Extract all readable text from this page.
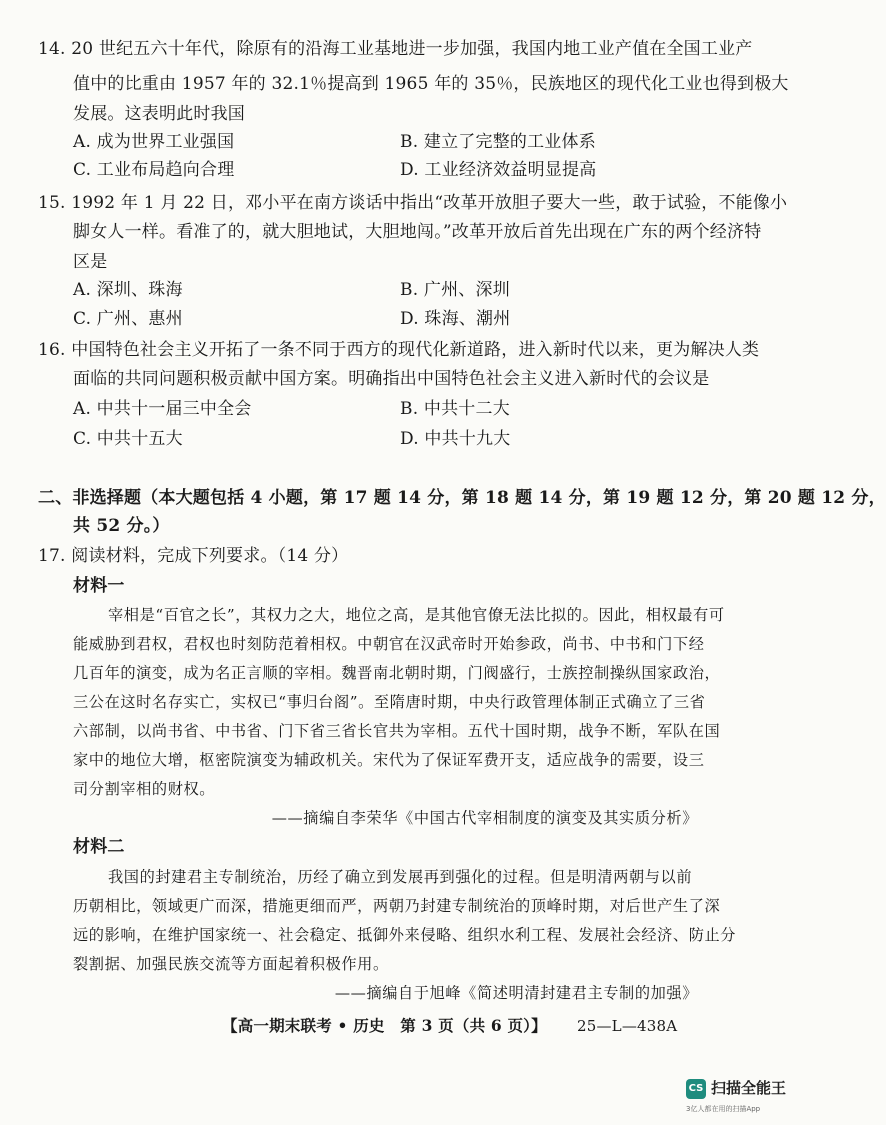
14. 20 世纪五六十年代，除原有的沿海工业基地进一步加强，我国内地工业产值在全国工业产
值中的比重由 1957 年的 32.1％提高到 1965 年的 35％，民族地区的现代化工业也得到极大
发展。这表明此时我国
A. 成为世界工业强国	B. 建立了完整的工业体系
C. 工业布局趋向合理	D. 工业经济效益明显提高
15. 1992 年 1 月 22 日，邓小平在南方谈话中指出“改革开放胆子要大一些，敢于试验，不能像小
脚女人一样。看准了的，就大胆地试，大胆地闯。”改革开放后首先出现在广东的两个经济特
区是
A. 深圳、珠海	B. 广州、深圳
C. 广州、惠州	D. 珠海、潮州
16. 中国特色社会主义开拓了一条不同于西方的现代化新道路，进入新时代以来，更为解决人类
面临的共同问题积极贡献中国方案。明确指出中国特色社会主义进入新时代的会议是
A. 中共十一届三中全会	B. 中共十二大
C. 中共十五大	D. 中共十九大
二、非选择题（本大题包括 4 小题，第 17 题 14 分，第 18 题 14 分，第 19 题 12 分，第 20 题 12 分，
共 52 分。）
17. 阅读材料，完成下列要求。（14 分）
材料一
宰相是“百官之长”，其权力之大，地位之高，是其他官僚无法比拟的。因此，相权最有可
能威胁到君权，君权也时刻防范着相权。中朝官在汉武帝时开始参政，尚书、中书和门下经
几百年的演变，成为名正言顺的宰相。魏晋南北朝时期，门阀盛行，士族控制操纵国家政治，
三公在这时名存实亡，实权已“事归台阁”。至隋唐时期，中央行政管理体制正式确立了三省
六部制，以尚书省、中书省、门下省三省长官共为宰相。五代十国时期，战争不断，军队在国
家中的地位大增，枢密院演变为辅政机关。宋代为了保证军费开支，适应战争的需要，设三
司分割宰相的财权。
——摘编自李荣华《中国古代宰相制度的演变及其实质分析》
材料二
我国的封建君主专制统治，历经了确立到发展再到强化的过程。但是明清两朝与以前
历朝相比，领域更广而深，措施更细而严，两朝乃封建专制统治的顶峰时期，对后世产生了深
远的影响，在维护国家统一、社会稳定、抵御外来侵略、组织水利工程、发展社会经济、防止分
裂割据、加强民族交流等方面起着积极作用。
——摘编自于旭峰《简述明清封建君主专制的加强》
【高一期末联考 • 历史　第 3 页（共 6 页）】 25—L—438A
CS 扫描全能王
3亿人都在用的扫描App
